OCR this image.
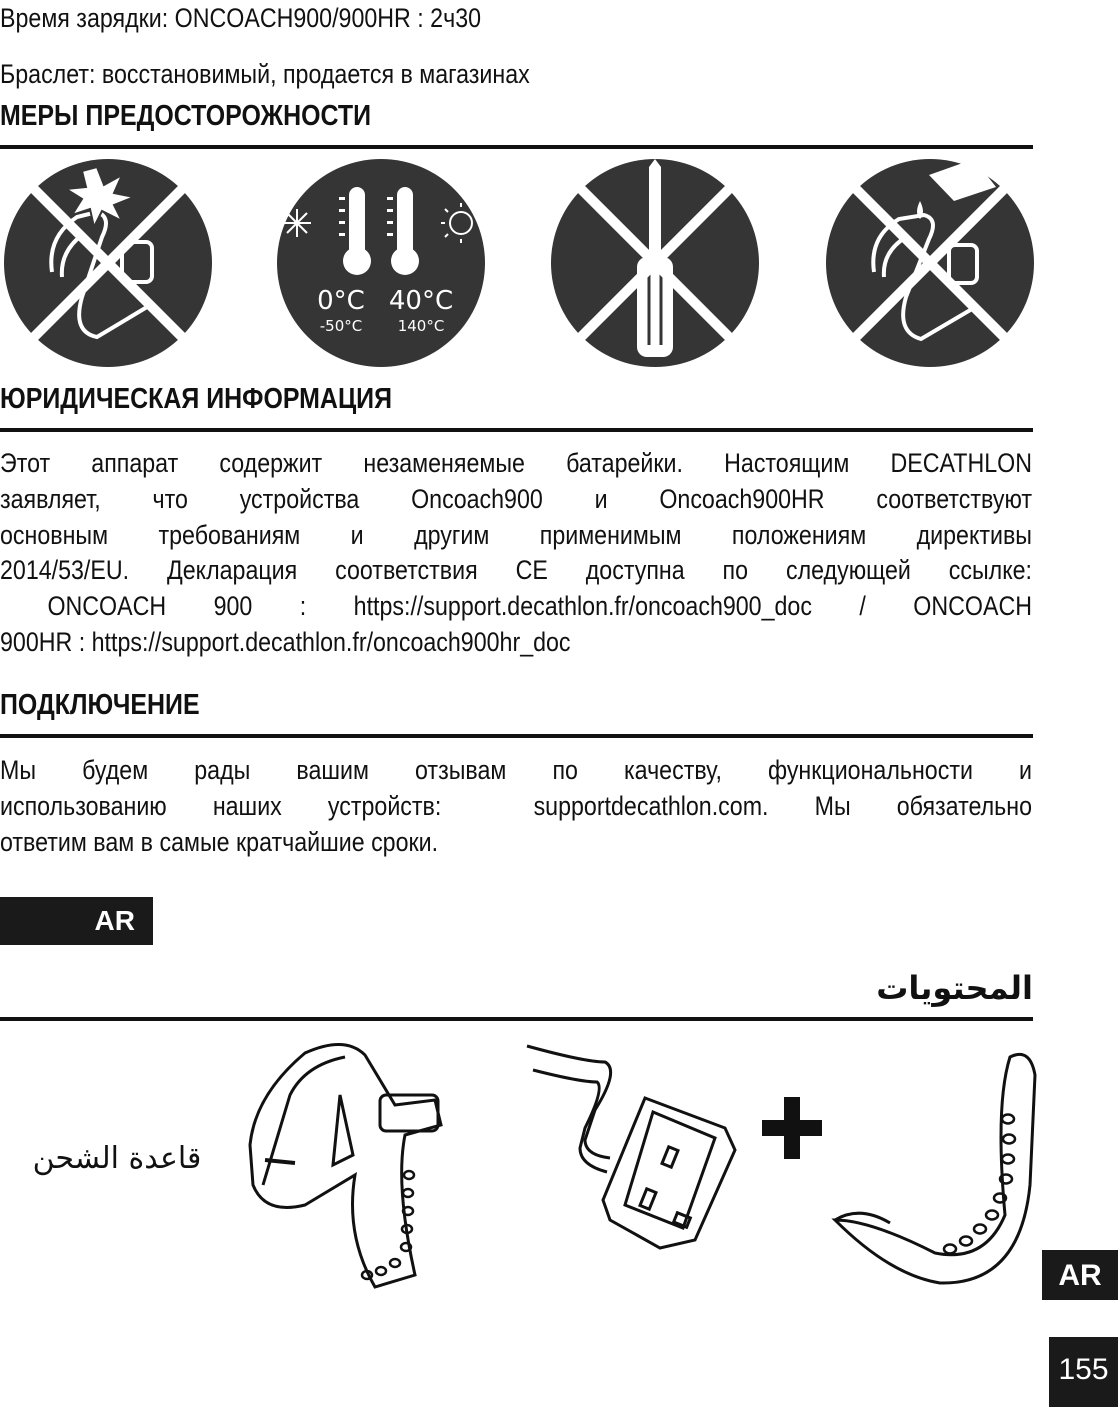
Время зарядки: ONCOACH900/900HR : 2ч30
Браслет: восстановимый, продается в магазинах
МЕРЫ ПРЕДОСТОРОЖНОСТИ
0°C 40°C
-50°C 140°C
ЮРИДИЧЕСКАЯ ИНФОРМАЦИЯ
Этот аппарат содержит незаменяемые батарейки. Настоящим DECATHLON
заявляет, что устройства Oncoach900 и Oncoach900HR соответствуют
основным требованиям и другим применимым положениям директивы
2014/53/EU. Декларация соответствия CE доступна по следующей ссылке:
ONCOACH 900 : https://support.decathlon.fr/oncoach900_doc / ONCOACH
900HR : https://support.decathlon.fr/oncoach900hr_doc
ПОДКЛЮЧЕНИЕ
Мы будем рады вашим отзывам по качеству, функциональности и
использованию наших устройств:  supportdecathlon.com. Мы обязательно
ответим вам в самые кратчайшие сроки.
AR
المحتويات
قاعدة الشحن
AR
155
